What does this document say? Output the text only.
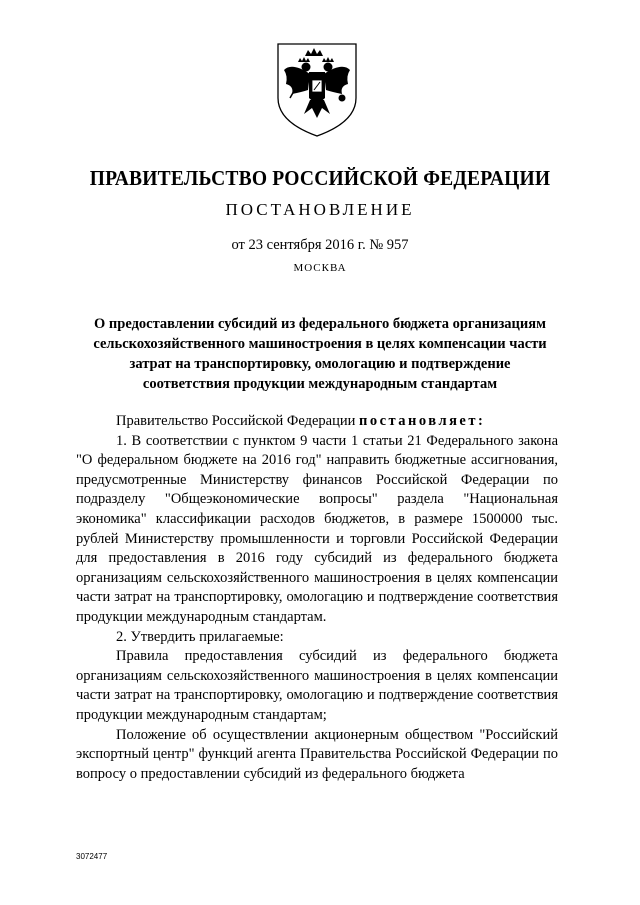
ПРАВИТЕЛЬСТВО РОССИЙСКОЙ ФЕДЕРАЦИИ
ПОСТАНОВЛЕНИЕ
от 23 сентября 2016 г. № 957
МОСКВА
О предоставлении субсидий из федерального бюджета организациям
сельскохозяйственного машиностроения в целях компенсации части
затрат на транспортировку, омологацию и подтверждение
соответствия продукции международным стандартам

Правительство Российской Федерации постановляет:

1. В соответствии с пунктом 9 части 1 статьи 21 Федерального закона "О федеральном бюджете на 2016 год" направить бюджетные ассигнования, предусмотренные Министерству финансов Российской Федерации по подразделу "Общеэкономические вопросы" раздела "Национальная экономика" классификации расходов бюджетов, в размере 1500000 тыс. рублей Министерству промышленности и торговли Российской Федерации для предоставления в 2016 году субсидий из федерального бюджета организациям сельскохозяйственного машиностроения в целях компенсации части затрат на транспортировку, омологацию и подтверждение соответствия продукции международным стандартам.

2. Утвердить прилагаемые:

Правила предоставления субсидий из федерального бюджета организациям сельскохозяйственного машиностроения в целях компенсации части затрат на транспортировку, омологацию и подтверждение соответствия продукции международным стандартам;

Положение об осуществлении акционерным обществом "Российский экспортный центр" функций агента Правительства Российской Федерации по вопросу о предоставлении субсидий из федерального бюджета

3072477
